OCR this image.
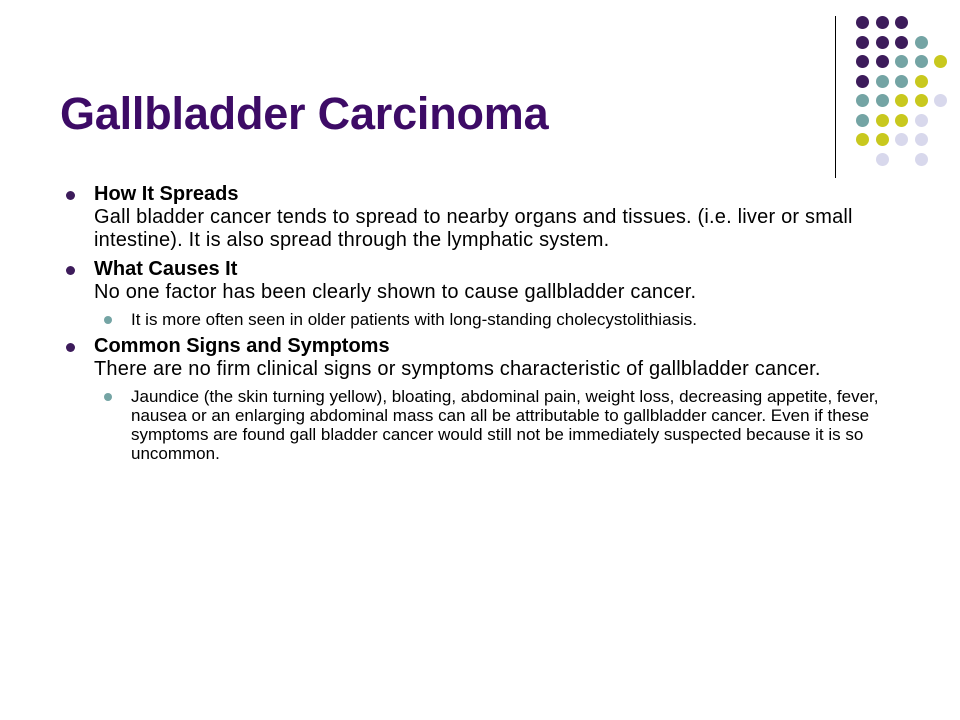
Gallbladder Carcinoma
How It Spreads
Gall bladder cancer tends to spread to nearby organs and tissues. (i.e. liver or small intestine). It is also spread through the lymphatic system.
What Causes It
No one factor has been clearly shown to cause gallbladder cancer.
It is more often seen in older patients with long-standing cholecystolithiasis.
Common Signs and Symptoms
There are no firm clinical signs or symptoms characteristic of gallbladder cancer.
Jaundice (the skin turning yellow), bloating, abdominal pain, weight loss, decreasing appetite, fever, nausea or an enlarging abdominal mass can all be attributable to gallbladder cancer. Even if these symptoms are found gall bladder cancer would still not be immediately suspected because it is so uncommon.
